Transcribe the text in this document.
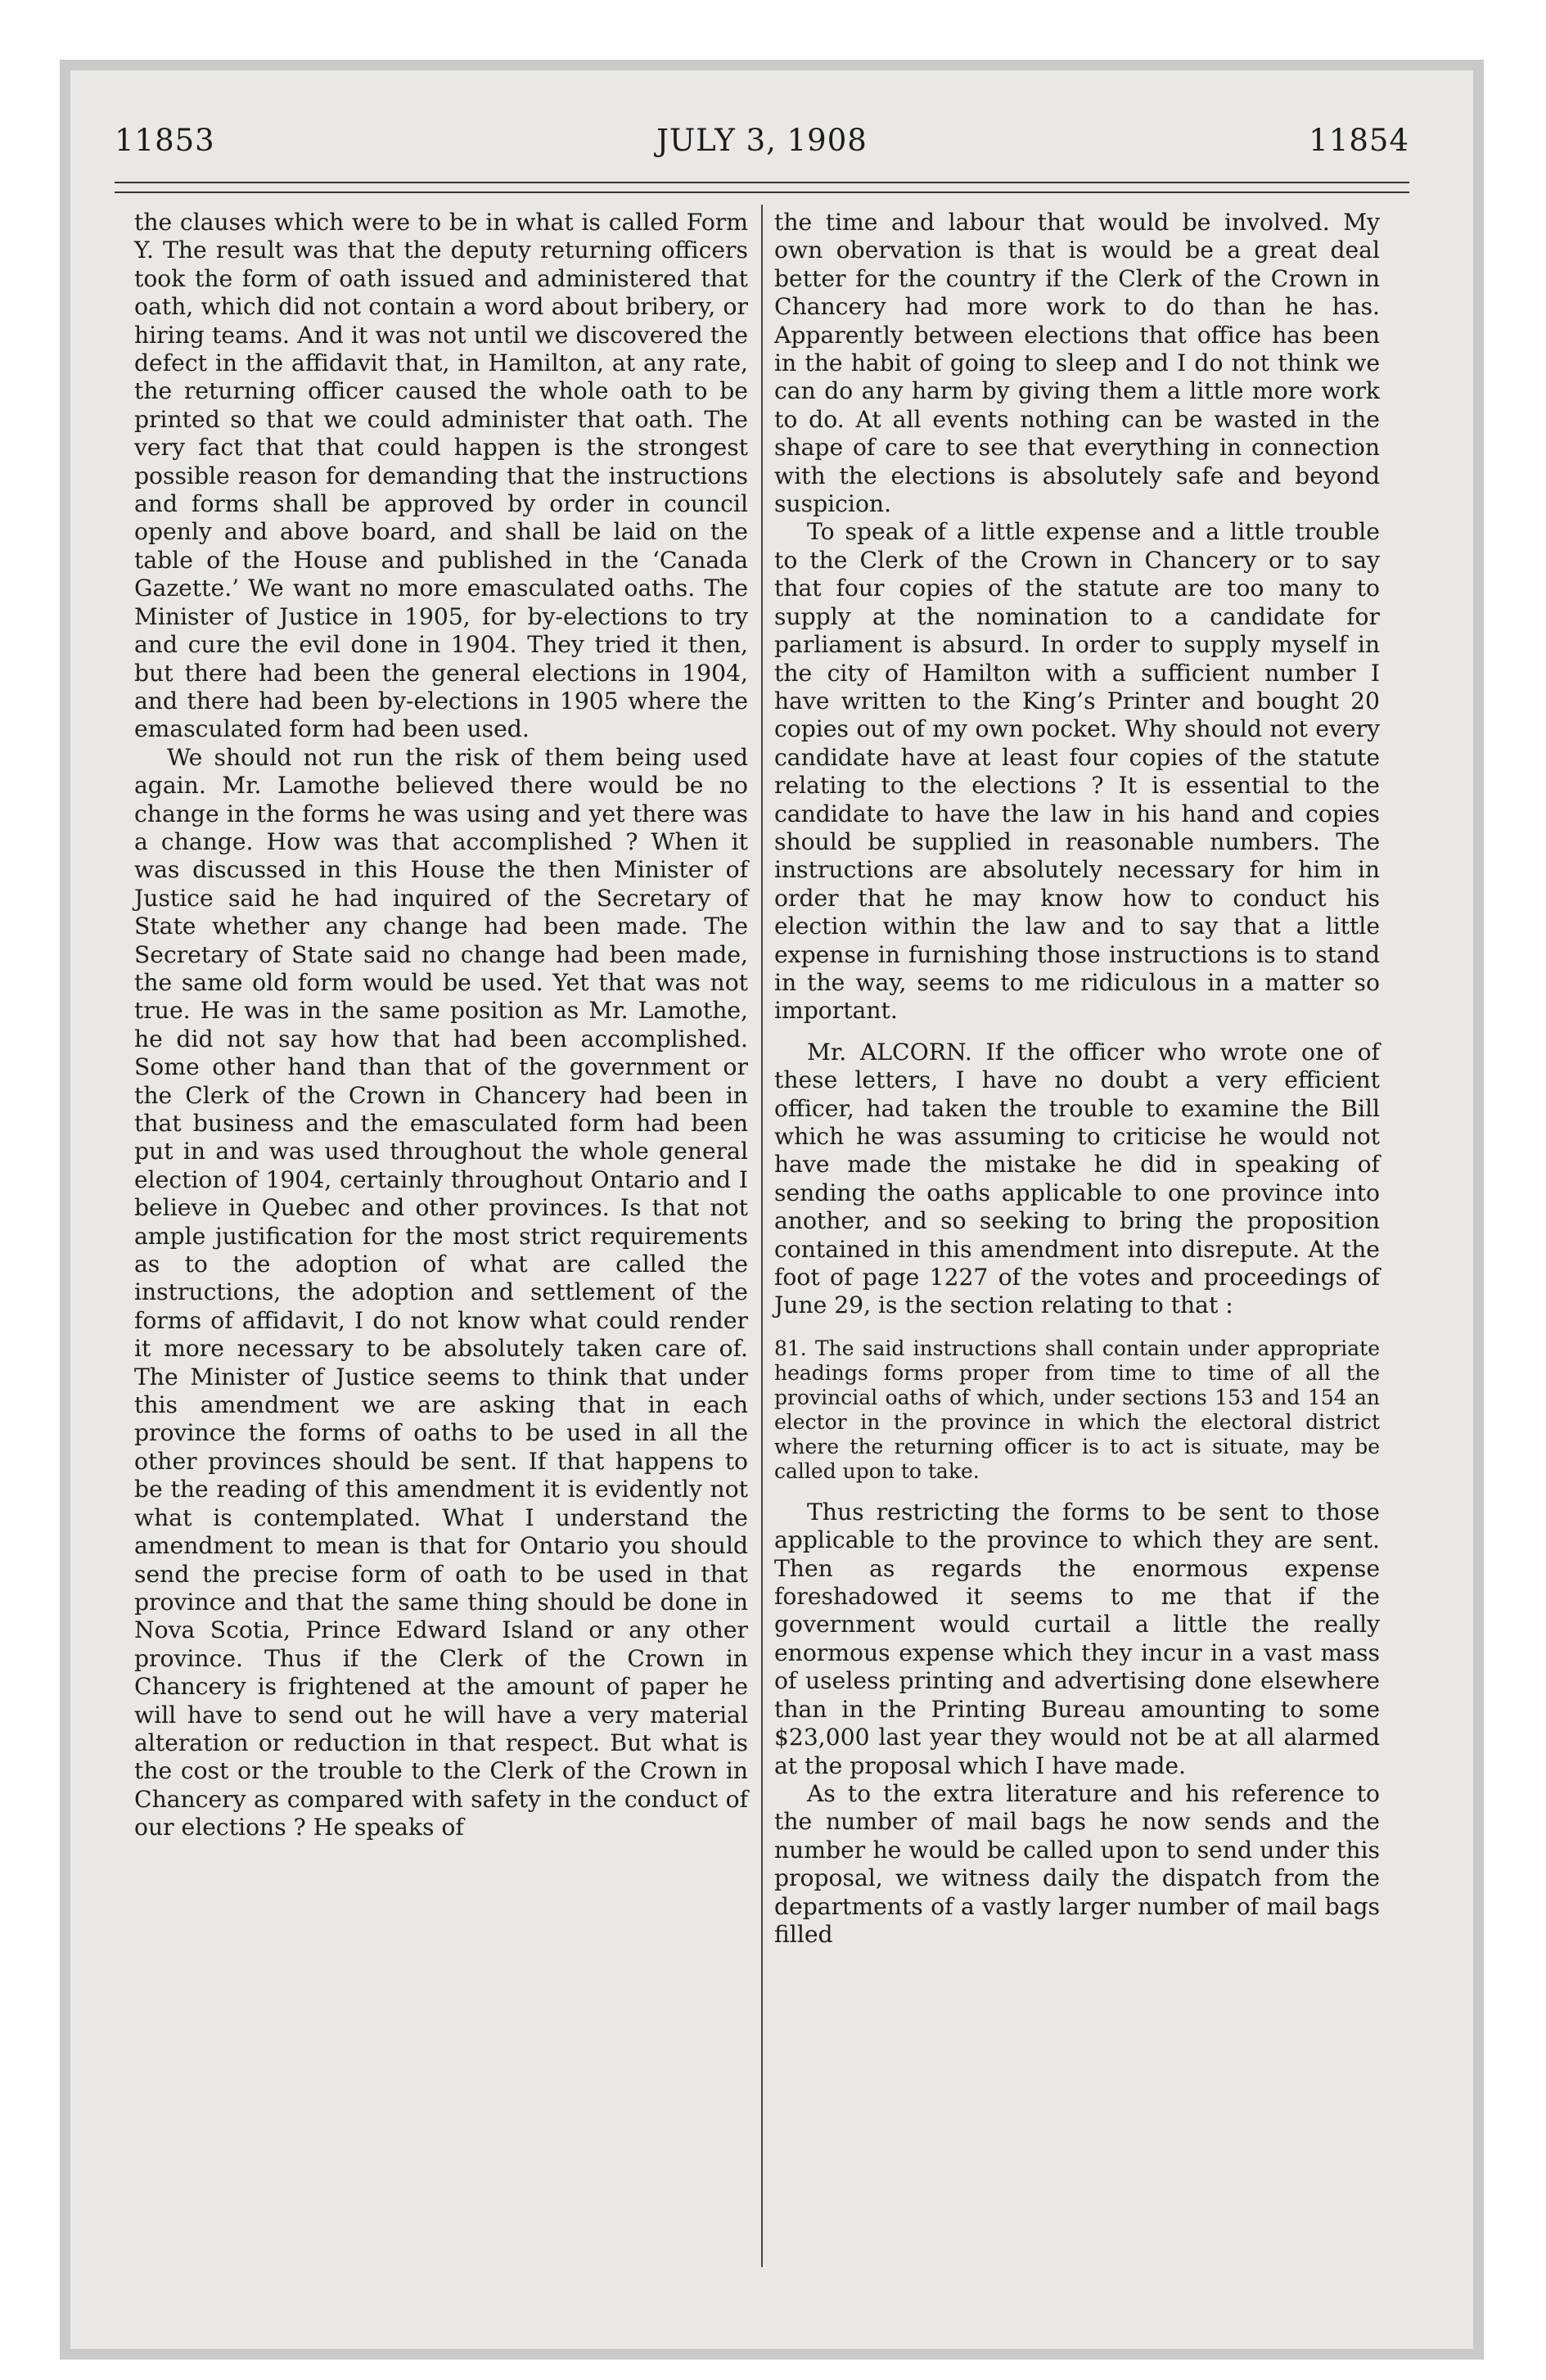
11853	JULY 3, 1908	11854

the clauses which were to be in what is called Form Y. The result was that the deputy returning officers took the form of oath issued and administered that oath, which did not contain a word about bribery, or hiring teams. And it was not until we discovered the defect in the affidavit that, in Hamilton, at any rate, the returning officer caused the whole oath to be printed so that we could administer that oath. The very fact that that could happen is the strongest possible reason for demanding that the instructions and forms shall be approved by order in council openly and above board, and shall be laid on the table of the House and published in the ‘Canada Gazette.’ We want no more emasculated oaths. The Minister of Justice in 1905, for by-elections to try and cure the evil done in 1904. They tried it then, but there had been the general elections in 1904, and there had been by-elections in 1905 where the emasculated form had been used.

We should not run the risk of them being used again. Mr. Lamothe believed there would be no change in the forms he was using and yet there was a change. How was that accomplished ? When it was discussed in this House the then Minister of Justice said he had inquired of the Secretary of State whether any change had been made. The Secretary of State said no change had been made, the same old form would be used. Yet that was not true. He was in the same position as Mr. Lamothe, he did not say how that had been accomplished. Some other hand than that of the government or the Clerk of the Crown in Chancery had been in that business and the emasculated form had been put in and was used throughout the whole general election of 1904, certainly throughout Ontario and I believe in Quebec and other provinces. Is that not ample justification for the most strict requirements as to the adoption of what are called the instructions, the adoption and settlement of the forms of affidavit, I do not know what could render it more necessary to be absolutely taken care of. The Minister of Justice seems to think that under this amendment we are asking that in each province the forms of oaths to be used in all the other provinces should be sent. If that happens to be the reading of this amendment it is evidently not what is contemplated. What I understand the amendment to mean is that for Ontario you should send the precise form of oath to be used in that province and that the same thing should be done in Nova Scotia, Prince Edward Island or any other province. Thus if the Clerk of the Crown in Chancery is frightened at the amount of paper he will have to send out he will have a very material alteration or reduction in that respect. But what is the cost or the trouble to the Clerk of the Crown in Chancery as compared with safety in the conduct of our elections ? He speaks of

the time and labour that would be involved. My own obervation is that is would be a great deal better for the country if the Clerk of the Crown in Chancery had more work to do than he has. Apparently between elections that office has been in the habit of going to sleep and I do not think we can do any harm by giving them a little more work to do. At all events nothing can be wasted in the shape of care to see that everything in connection with the elections is absolutely safe and beyond suspicion.

To speak of a little expense and a little trouble to the Clerk of the Crown in Chancery or to say that four copies of the statute are too many to supply at the nomination to a candidate for parliament is absurd. In order to supply myself in the city of Hamilton with a sufficient number I have written to the King’s Printer and bought 20 copies out of my own pocket. Why should not every candidate have at least four copies of the statute relating to the elections ? It is essential to the candidate to have the law in his hand and copies should be supplied in reasonable numbers. The instructions are absolutely necessary for him in order that he may know how to conduct his election within the law and to say that a little expense in furnishing those instructions is to stand in the way, seems to me ridiculous in a matter so important.

Mr. ALCORN. If the officer who wrote one of these letters, I have no doubt a very efficient officer, had taken the trouble to examine the Bill which he was assuming to criticise he would not have made the mistake he did in speaking of sending the oaths applicable to one province into another, and so seeking to bring the proposition contained in this amendment into disrepute. At the foot of page 1227 of the votes and proceedings of June 29, is the section relating to that :

81. The said instructions shall contain under appropriate headings forms proper from time to time of all the provincial oaths of which, under sections 153 and 154 an elector in the province in which the electoral district where the returning officer is to act is situate, may be called upon to take.

Thus restricting the forms to be sent to those applicable to the province to which they are sent. Then as regards the enormous expense foreshadowed it seems to me that if the government would curtail a little the really enormous expense which they incur in a vast mass of useless printing and advertising done elsewhere than in the Printing Bureau amounting to some $23,000 last year they would not be at all alarmed at the proposal which I have made.

As to the extra literature and his reference to the number of mail bags he now sends and the number he would be called upon to send under this proposal, we witness daily the dispatch from the departments of a vastly larger number of mail bags filled
